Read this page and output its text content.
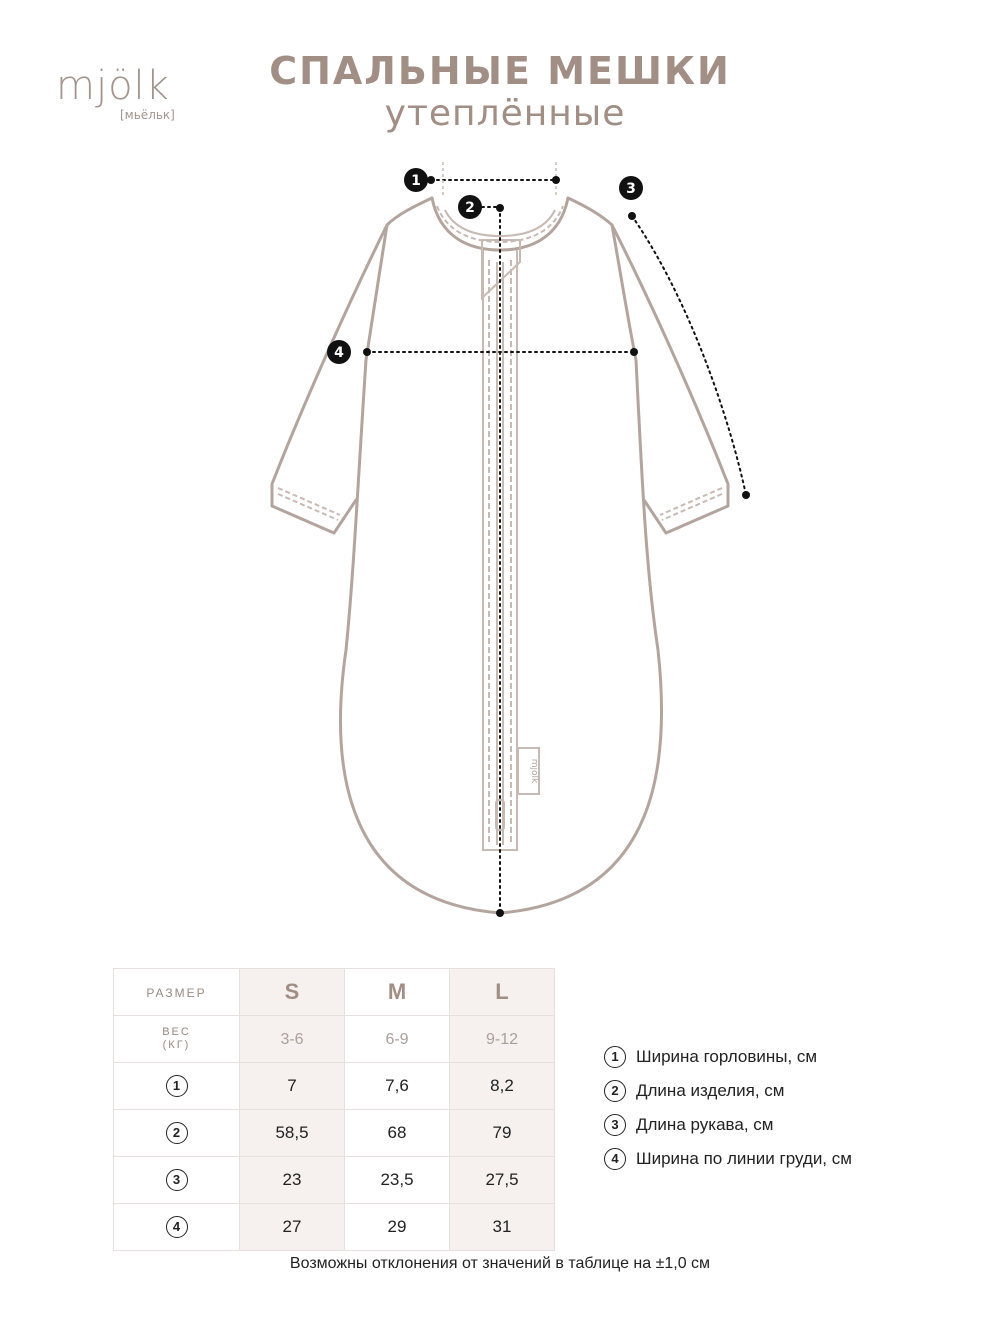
mjölk
[мьёльк]
СПАЛЬНЫЕ МЕШКИ
утеплённые
mjolk
1
2
3
4
РАЗМЕР	S	M	L

ВЕС
(КГ)	3-6	6-9	9-12
1	7	7,6	8,2
2	58,5	68	79
3	23	23,5	27,5
4	27	29	31
1	Ширина горловины, см
2	Длина изделия, см
3	Длина рукава, см
4	Ширина по линии груди, см
Возможны отклонения от значений в таблице на ±1,0 см
